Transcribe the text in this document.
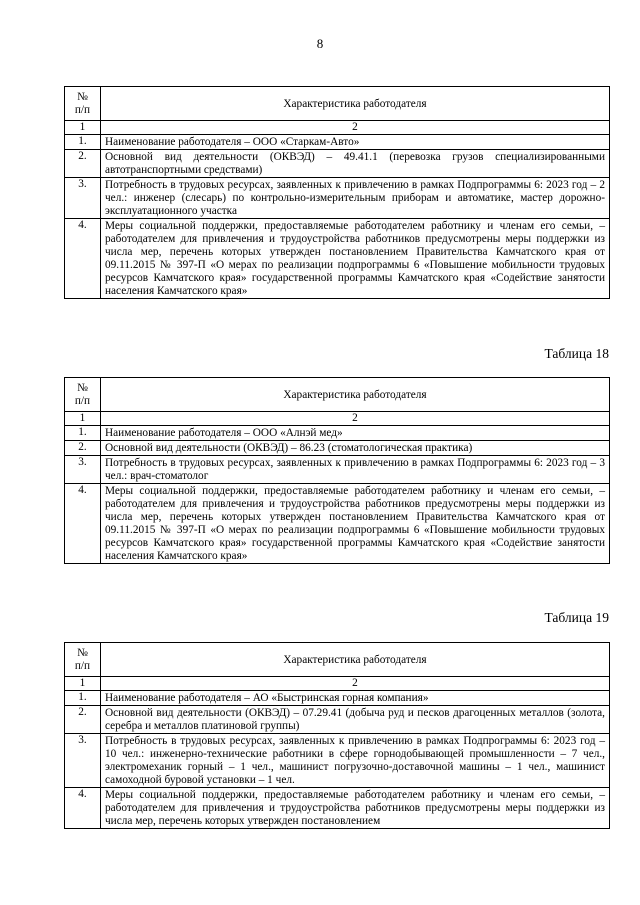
8
№
п/п	Характеристика работодателя
1	2
1.	Наименование работодателя – ООО «Старкам-Авто»
2.	Основной вид деятельности (ОКВЭД) – 49.41.1 (перевозка грузов специализированными автотранспортными средствами)
3.	Потребность в трудовых ресурсах, заявленных к привлечению в рамках Подпрограммы 6: 2023 год – 2 чел.: инженер (слесарь) по контрольно-измерительным приборам и автоматике, мастер дорожно-эксплуатационного участка
4.	Меры социальной поддержки, предоставляемые работодателем работнику и членам его семьи, – работодателем для привлечения и трудоустройства работников предусмотрены меры поддержки из числа мер, перечень которых утвержден постановлением Правительства Камчатского края от 09.11.2015 № 397-П «О мерах по реализации подпрограммы 6 «Повышение мобильности трудовых ресурсов Камчатского края» государственной программы Камчатского края «Содействие занятости населения Камчатского края»
Таблица 18
№
п/п	Характеристика работодателя
1	2
1.	Наименование работодателя – ООО «Алнэй мед»
2.	Основной вид деятельности (ОКВЭД) – 86.23 (стоматологическая практика)
3.	Потребность в трудовых ресурсах, заявленных к привлечению в рамках Подпрограммы 6: 2023 год – 3 чел.: врач-стоматолог
4.	Меры социальной поддержки, предоставляемые работодателем работнику и членам его семьи, – работодателем для привлечения и трудоустройства работников предусмотрены меры поддержки из числа мер, перечень которых утвержден постановлением Правительства Камчатского края от 09.11.2015 № 397-П «О мерах по реализации подпрограммы 6 «Повышение мобильности трудовых ресурсов Камчатского края» государственной программы Камчатского края «Содействие занятости населения Камчатского края»
Таблица 19
№
п/п	Характеристика работодателя
1	2
1.	Наименование работодателя – АО «Быстринская горная компания»
2.	Основной вид деятельности (ОКВЭД) – 07.29.41 (добыча руд и песков драгоценных металлов (золота, серебра и металлов платиновой группы)
3.	Потребность в трудовых ресурсах, заявленных к привлечению в рамках Подпрограммы 6: 2023 год – 10 чел.: инженерно-технические работники в сфере горнодобывающей промышленности – 7 чел., электромеханик горный – 1 чел., машинист погрузочно-доставочной машины – 1 чел., машинист самоходной буровой установки – 1 чел.
4.	Меры социальной поддержки, предоставляемые работодателем работнику и членам его семьи, – работодателем для привлечения и трудоустройства работников предусмотрены меры поддержки из числа мер, перечень которых утвержден постановлением
